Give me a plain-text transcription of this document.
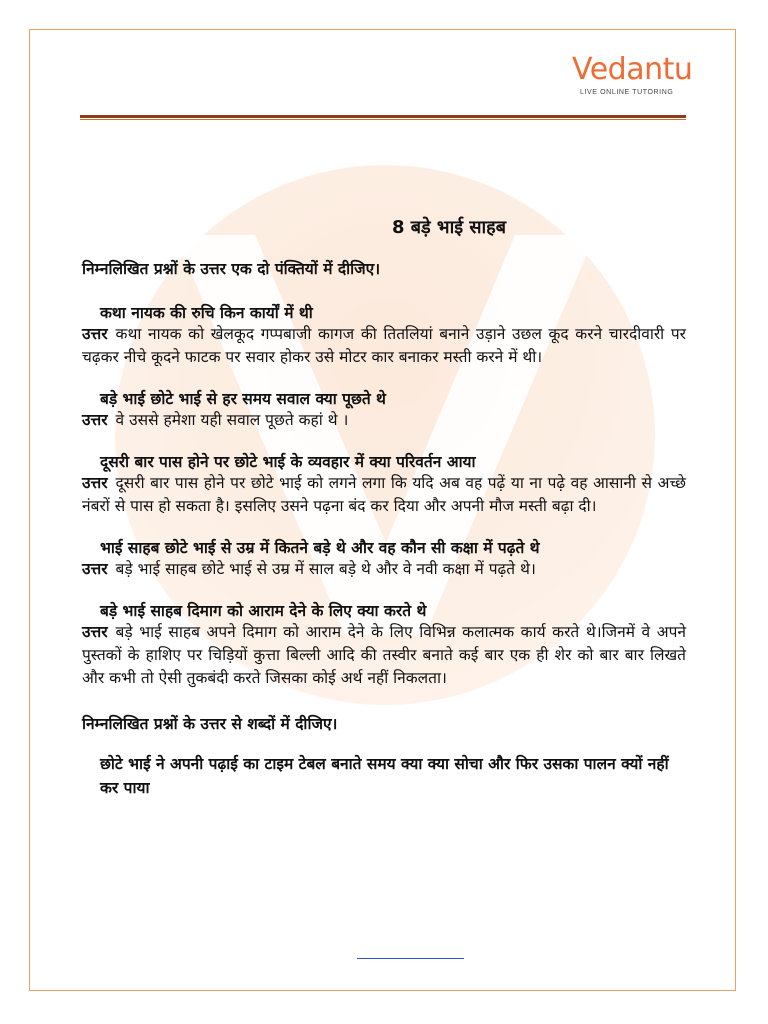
Vedantu
LIVE ONLINE TUTORING
8 बड़े भाई साहब
निम्नलिखित प्रश्नों के उत्तर एक दो पंक्तियों में दीजिए।
कथा नायक की रुचि किन कार्यों में थी
उत्तर कथा नायक को खेलकूद गप्पबाजी कागज की तितलियां बनाने उड़ाने उछल कूद करने चारदीवारी पर चढ़कर नीचे कूदने फाटक पर सवार होकर उसे मोटर कार बनाकर मस्ती करने में थी।
बड़े भाई छोटे भाई से हर समय सवाल क्या पूछते थे
उत्तर वे उससे हमेशा यही सवाल पूछते कहां थे ।
दूसरी बार पास होने पर छोटे भाई के व्यवहार में क्या परिवर्तन आया
उत्तर दूसरी बार पास होने पर छोटे भाई को लगने लगा कि यदि अब वह पढ़ें या ना पढ़े वह आसानी से अच्छे नंबरों से पास हो सकता है। इसलिए उसने पढ़ना बंद कर दिया और अपनी मौज मस्ती बढ़ा दी।
भाई साहब छोटे भाई से उम्र में कितने बड़े थे और वह कौन सी कक्षा में पढ़ते थे
उत्तर बड़े भाई साहब छोटे भाई से उम्र में साल बड़े थे और वे नवी कक्षा में पढ़ते थे।
बड़े भाई साहब दिमाग को आराम देने के लिए क्या करते थे
उत्तर बड़े भाई साहब अपने दिमाग को आराम देने के लिए विभिन्न कलात्मक कार्य करते थे।जिनमें वे अपने पुस्तकों के हाशिए पर चिड़ियों कुत्ता बिल्ली आदि की तस्वीर बनाते कई बार एक ही शेर को बार बार लिखते और कभी तो ऐसी तुकबंदी करते जिसका कोई अर्थ नहीं निकलता।
निम्नलिखित प्रश्नों के उत्तर से शब्दों में दीजिए।
छोटे भाई ने अपनी पढ़ाई का टाइम टेबल बनाते समय क्या क्या सोचा और फिर उसका पालन क्यों नहीं कर पाया
